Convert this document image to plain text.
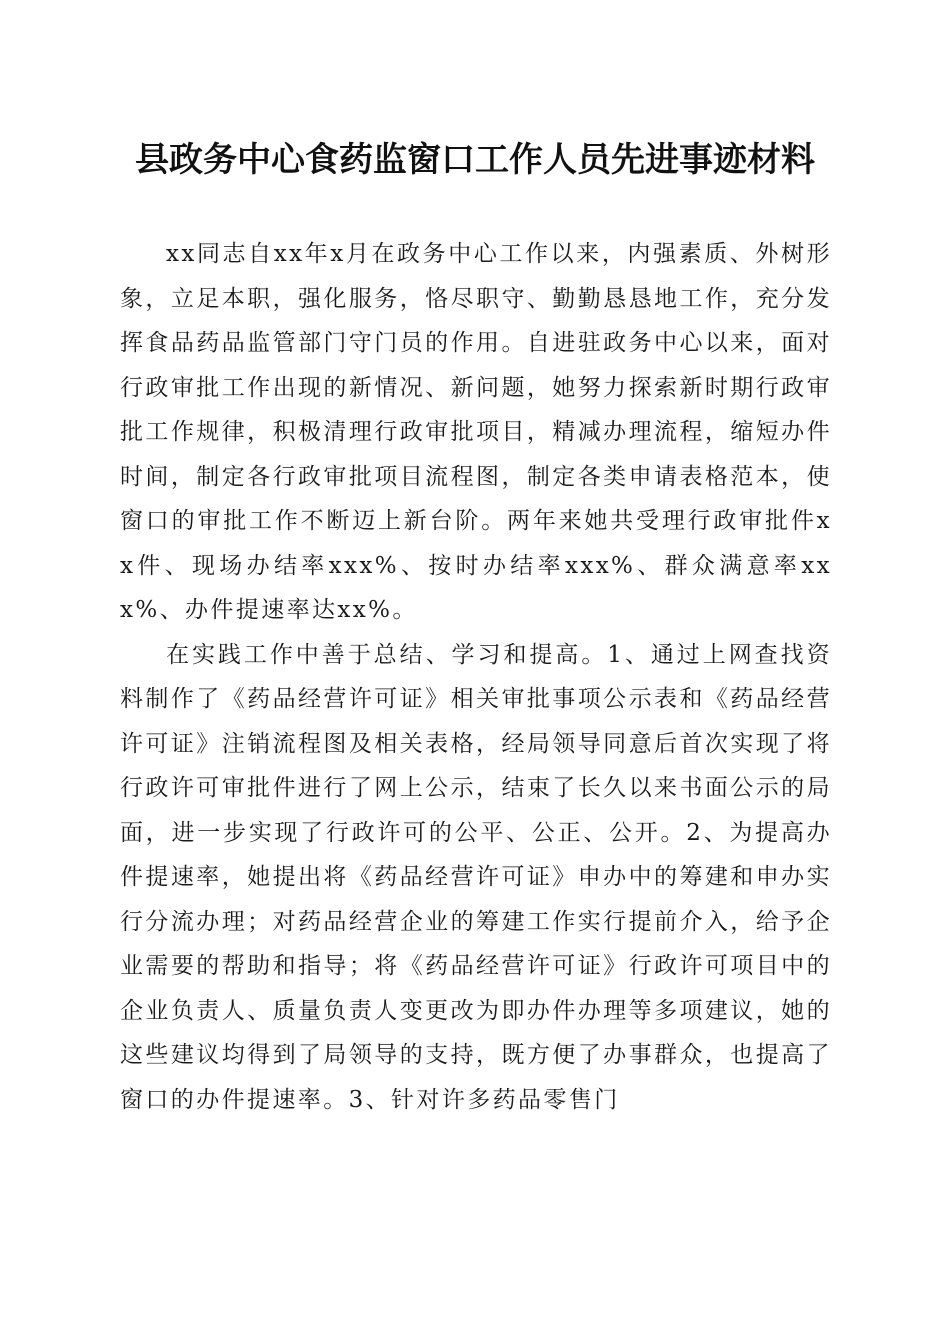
县政务中心食药监窗口工作人员先进事迹材料

xx同志自xx年x月在政务中心工作以来，内强素质、外树形象，立足本职，强化服务，恪尽职守、勤勤恳恳地工作，充分发挥食品药品监管部门守门员的作用。自进驻政务中心以来，面对行政审批工作出现的新情况、新问题，她努力探索新时期行政审批工作规律，积极清理行政审批项目，精减办理流程，缩短办件时间，制定各行政审批项目流程图，制定各类申请表格范本，使窗口的审批工作不断迈上新台阶。两年来她共受理行政审批件xx件、现场办结率xxx%、按时办结率xxx%、群众满意率xxx%、办件提速率达xx%。

在实践工作中善于总结、学习和提高。1、通过上网查找资料制作了《药品经营许可证》相关审批事项公示表和《药品经营许可证》注销流程图及相关表格，经局领导同意后首次实现了将行政许可审批件进行了网上公示，结束了长久以来书面公示的局面，进一步实现了行政许可的公平、公正、公开。2、为提高办件提速率，她提出将《药品经营许可证》申办中的筹建和申办实行分流办理；对药品经营企业的筹建工作实行提前介入，给予企业需要的帮助和指导；将《药品经营许可证》行政许可项目中的企业负责人、质量负责人变更改为即办件办理等多项建议，她的这些建议均得到了局领导的支持，既方便了办事群众，也提高了窗口的办件提速率。3、针对许多药品零售门
